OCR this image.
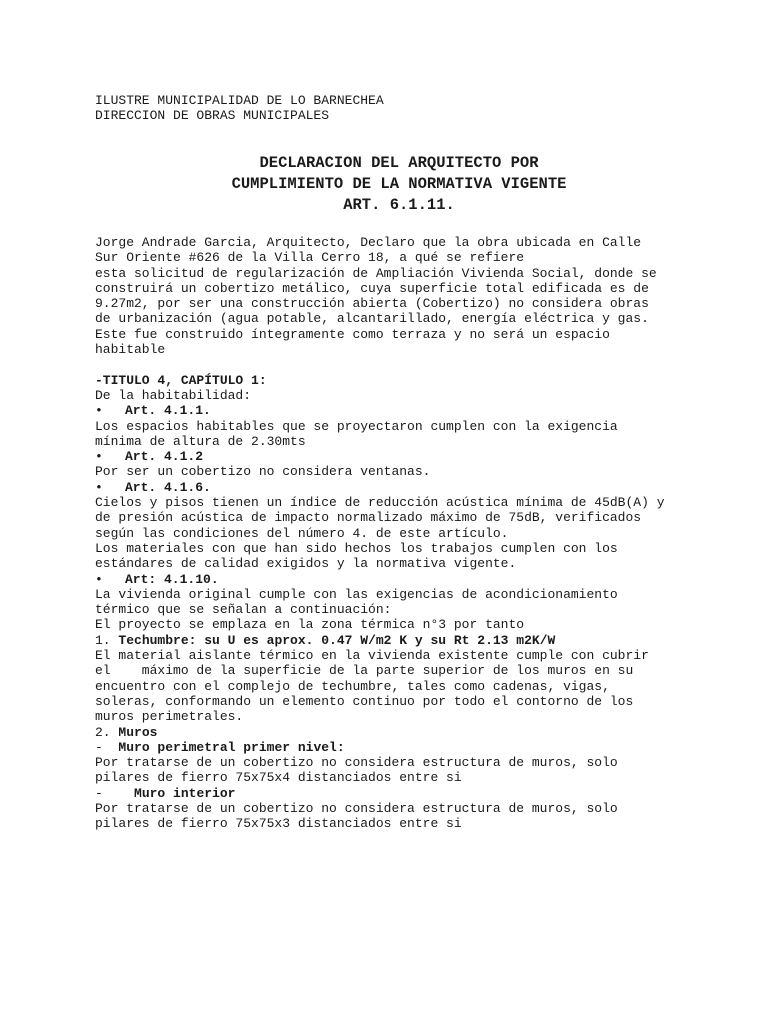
ILUSTRE MUNICIPALIDAD DE LO BARNECHEA
DIRECCION DE OBRAS MUNICIPALES
DECLARACION DEL ARQUITECTO POR
CUMPLIMIENTO DE LA NORMATIVA VIGENTE
ART. 6.1.11.
Jorge Andrade Garcia, Arquitecto, Declaro que la obra ubicada en Calle
Sur Oriente #626 de la Villa Cerro 18, a qué se refiere
esta solicitud de regularización de Ampliación Vivienda Social, donde se
construirá un cobertizo metálico, cuya superficie total edificada es de
9.27m2, por ser una construcción abierta (Cobertizo) no considera obras
de urbanización (agua potable, alcantarillado, energía eléctrica y gas.
Este fue construido íntegramente como terraza y no será un espacio
habitable
-TITULO 4, CAPÍTULO 1:
De la habitabilidad:
• Art. 4.1.1.
Los espacios habitables que se proyectaron cumplen con la exigencia
mínima de altura de 2.30mts
• Art. 4.1.2
Por ser un cobertizo no considera ventanas.
• Art. 4.1.6.
Cielos y pisos tienen un índice de reducción acústica mínima de 45dB(A) y
de presión acústica de impacto normalizado máximo de 75dB, verificados
según las condiciones del número 4. de este artículo.
Los materiales con que han sido hechos los trabajos cumplen con los
estándares de calidad exigidos y la normativa vigente.
• Art: 4.1.10.
La vivienda original cumple con las exigencias de acondicionamiento
térmico que se señalan a continuación:
El proyecto se emplaza en la zona térmica n°3 por tanto
1. Techumbre: su U es aprox. 0.47 W/m2 K y su Rt 2.13 m2K/W
El material aislante térmico en la vivienda existente cumple con cubrir
el    máximo de la superficie de la parte superior de los muros en su
encuentro con el complejo de techumbre, tales como cadenas, vigas,
soleras, conformando un elemento continuo por todo el contorno de los
muros perimetrales.
2. Muros
- Muro perimetral primer nivel:
Por tratarse de un cobertizo no considera estructura de muros, solo
pilares de fierro 75x75x4 distanciados entre si
- Muro interior
Por tratarse de un cobertizo no considera estructura de muros, solo
pilares de fierro 75x75x3 distanciados entre si
